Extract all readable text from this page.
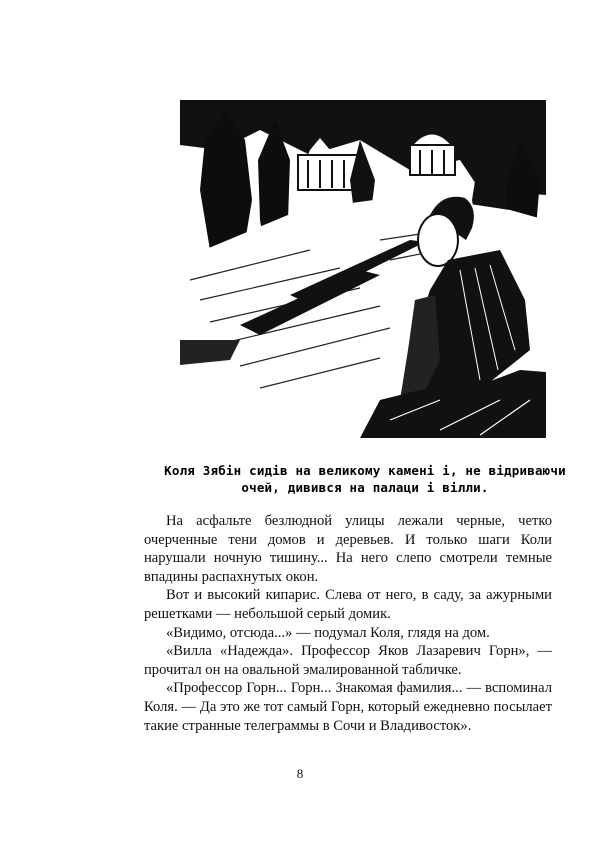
Коля Зябін сидів на великому камені і, не відриваючи
очей, дивився на палаци і вілли.

На асфальте безлюдной улицы лежали черные, четко очерченные тени домов и деревьев. И только шаги Коли нарушали ночную тишину... На него слепо смотрели темные впадины распахнутых окон.

Вот и высокий кипарис. Слева от него, в саду, за ажурными решетками — небольшой серый домик.

«Видимо, отсюда...» — подумал Коля, глядя на дом.

«Вилла «Надежда». Профессор Яков Лазаревич Горн», — прочитал он на овальной эмалированной табличке.

«Профессор Горн... Горн... Знакомая фамилия... — вспоминал Коля. — Да это же тот самый Горн, который ежедневно посылает такие странные телеграммы в Сочи и Владивосток».

8
